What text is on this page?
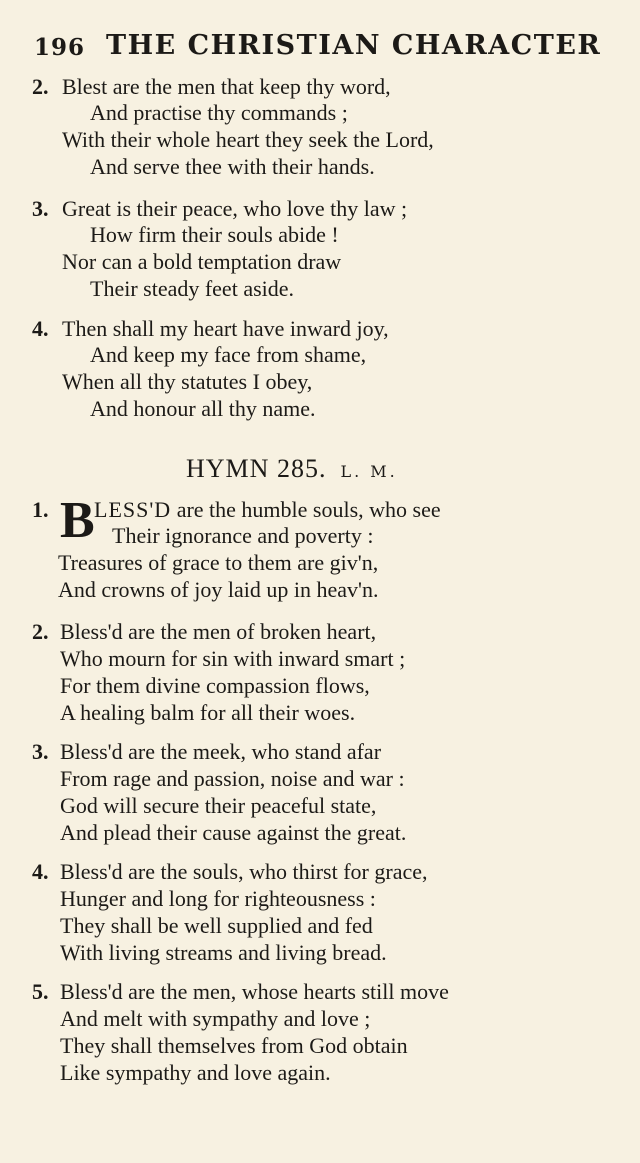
196 THE CHRISTIAN CHARACTER
2. Blest are the men that keep thy word,
And practise thy commands ;
With their whole heart they seek the Lord,
And serve thee with their hands.
3. Great is their peace, who love thy law ;
How firm their souls abide !
Nor can a bold temptation draw
Their steady feet aside.
4. Then shall my heart have inward joy,
And keep my face from shame,
When all thy statutes I obey,
And honour all thy name.
HYMN 285. L. M.
1. B LESS'D are the humble souls, who see
Their ignorance and poverty :
Treasures of grace to them are giv'n,
And crowns of joy laid up in heav'n.
2. Bless'd are the men of broken heart,
Who mourn for sin with inward smart ;
For them divine compassion flows,
A healing balm for all their woes.
3. Bless'd are the meek, who stand afar
From rage and passion, noise and war :
God will secure their peaceful state,
And plead their cause against the great.
4. Bless'd are the souls, who thirst for grace,
Hunger and long for righteousness :
They shall be well supplied and fed
With living streams and living bread.
5. Bless'd are the men, whose hearts still move
And melt with sympathy and love ;
They shall themselves from God obtain
Like sympathy and love again.
